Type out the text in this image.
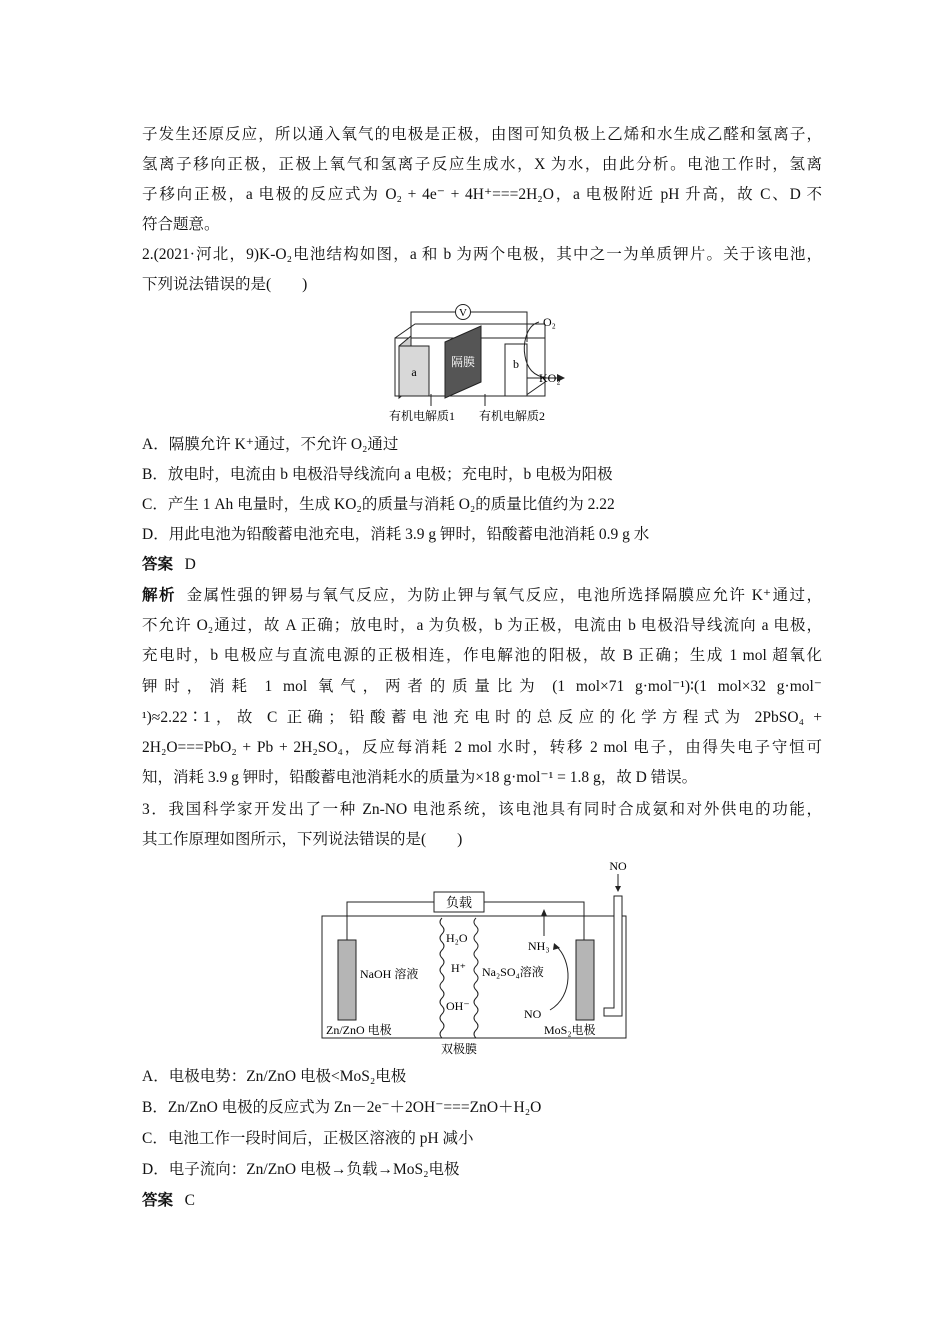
子发生还原反应，所以通入氧气的电极是正极，由图可知负极上乙烯和水生成乙醛和氢离子，
氢离子移向正极，正极上氧气和氢离子反应生成水，X 为水，由此分析。电池工作时，氢离
子移向正极，a 电极的反应式为 O₂ + 4e⁻ + 4H⁺===2H₂O，a 电极附近 pH 升高，故 C、D 不
符合题意。
2.(2021·河北，9)K-O₂电池结构如图，a 和 b 为两个电极，其中之一为单质钾片。关于该电池，
下列说法错误的是(　　)
V
a
隔膜	b
O₂
KO₂
有机电解质1 有机电解质2
A．隔膜允许 K⁺通过，不允许 O₂通过
B．放电时，电流由 b 电极沿导线流向 a 电极；充电时，b 电极为阳极
C．产生 1 Ah 电量时，生成 KO₂的质量与消耗 O₂的质量比值约为 2.22
D．用此电池为铅酸蓄电池充电，消耗 3.9 g 钾时，铅酸蓄电池消耗 0.9 g 水
答案 D
解析 金属性强的钾易与氧气反应，为防止钾与氧气反应，电池所选择隔膜应允许 K⁺通过，
不允许 O₂通过，故 A 正确；放电时，a 为负极，b 为正极，电流由 b 电极沿导线流向 a 电极，
充电时，b 电极应与直流电源的正极相连，作电解池的阳极，故 B 正确；生成 1 mol 超氧化
钾时，消耗 1 mol 氧气，两者的质量比为 (1 mol×71 g·mol⁻¹)∶(1 mol×32 g·mol⁻
¹)≈2.22∶1，故 C 正确；铅酸蓄电池充电时的总反应的化学方程式为 2PbSO₄ +
2H₂O===PbO₂ + Pb + 2H₂SO₄，反应每消耗 2 mol 水时，转移 2 mol 电子，由得失电子守恒可
知，消耗 3.9 g 钾时，铅酸蓄电池消耗水的质量为×18 g·mol⁻¹ = 1.8 g，故 D 错误。
3．我国科学家开发出了一种 Zn-NO 电池系统，该电池具有同时合成氨和对外供电的功能，
其工作原理如图所示，下列说法错误的是(　　)
负载
NO
NaOH 溶液
H₂O
H⁺
OH⁻
Na₂SO₄溶液
NH₃
NO
Zn/ZnO 电极	MoS₂电极
双极膜
A．电极电势：Zn/ZnO 电极<MoS₂电极
B．Zn/ZnO 电极的反应式为 Zn－2e⁻＋2OH⁻===ZnO＋H₂O
C．电池工作一段时间后，正极区溶液的 pH 减小
D．电子流向：Zn/ZnO 电极→负载→MoS₂电极
答案 C
